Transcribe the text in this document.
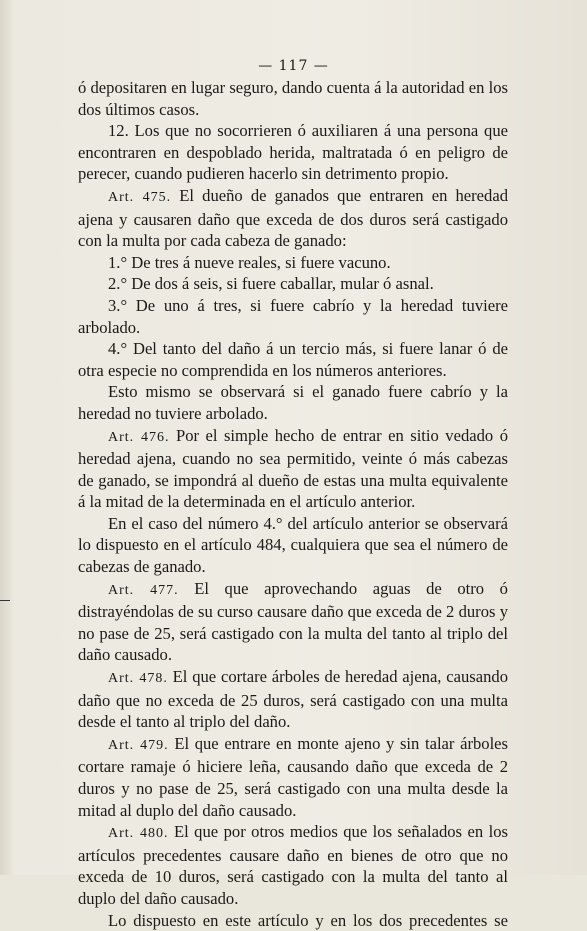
— 117 —

ó depositaren en lugar seguro, dando cuenta á la autoridad en los dos últimos casos.

12. Los que no socorrieren ó auxiliaren á una persona que encontraren en despoblado herida, maltratada ó en peligro de perecer, cuando pudieren hacerlo sin detrimento propio.

Art. 475. El dueño de ganados que entraren en heredad ajena y causaren daño que exceda de dos duros será castigado con la multa por cada cabeza de ganado:

1.° De tres á nueve reales, si fuere vacuno.

2.° De dos á seis, si fuere caballar, mular ó asnal.

3.° De uno á tres, si fuere cabrío y la heredad tuviere arbolado.

4.° Del tanto del daño á un tercio más, si fuere lanar ó de otra especie no comprendida en los números anteriores.

Esto mismo se observará si el ganado fuere cabrío y la heredad no tuviere arbolado.

Art. 476. Por el simple hecho de entrar en sitio vedado ó heredad ajena, cuando no sea permitido, veinte ó más cabezas de ganado, se impondrá al dueño de estas una multa equivalente á la mitad de la determinada en el artículo anterior.

En el caso del número 4.° del artículo anterior se observará lo dispuesto en el artículo 484, cualquiera que sea el número de cabezas de ganado.

Art. 477. El que aprovechando aguas de otro ó distrayéndolas de su curso causare daño que exceda de 2 duros y no pase de 25, será castigado con la multa del tanto al triplo del daño causado.

Art. 478. El que cortare árboles de heredad ajena, causando daño que no exceda de 25 duros, será castigado con una multa desde el tanto al triplo del daño.

Art. 479. El que entrare en monte ajeno y sin talar árboles cortare ramaje ó hiciere leña, causando daño que exceda de 2 duros y no pase de 25, será castigado con una multa desde la mitad al duplo del daño causado.

Art. 480. El que por otros medios que los señalados en los artículos precedentes causare daño en bienes de otro que no exceda de 10 duros, será castigado con la multa del tanto al duplo del daño causado.

Lo dispuesto en este artículo y en los dos precedentes se
